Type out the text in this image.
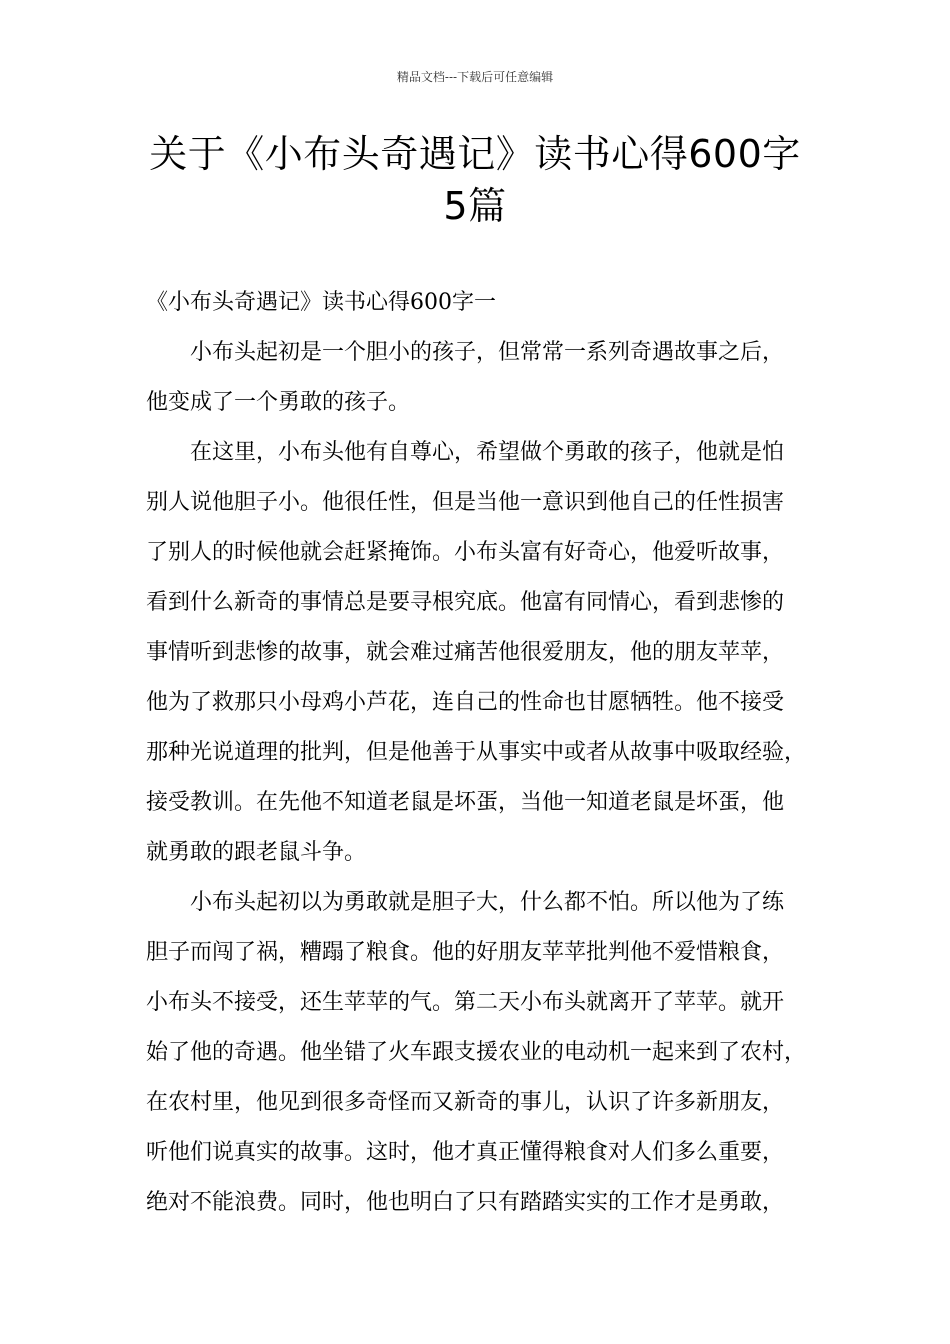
精品文档---下载后可任意编辑
关于《小布头奇遇记》读书心得600字
5篇
《小布头奇遇记》读书心得600字一
小布头起初是一个胆小的孩子，但常常一系列奇遇故事之后，
他变成了一个勇敢的孩子。
在这里，小布头他有自尊心，希望做个勇敢的孩子，他就是怕
别人说他胆子小。他很任性，但是当他一意识到他自己的任性损害
了别人的时候他就会赶紧掩饰。小布头富有好奇心，他爱听故事，
看到什么新奇的事情总是要寻根究底。他富有同情心，看到悲惨的
事情听到悲惨的故事，就会难过痛苦他很爱朋友，他的朋友苹苹，
他为了救那只小母鸡小芦花，连自己的性命也甘愿牺牲。他不接受
那种光说道理的批判，但是他善于从事实中或者从故事中吸取经验，
接受教训。在先他不知道老鼠是坏蛋，当他一知道老鼠是坏蛋，他
就勇敢的跟老鼠斗争。
小布头起初以为勇敢就是胆子大，什么都不怕。所以他为了练
胆子而闯了祸，糟蹋了粮食。他的好朋友苹苹批判他不爱惜粮食，
小布头不接受，还生苹苹的气。第二天小布头就离开了苹苹。就开
始了他的奇遇。他坐错了火车跟支援农业的电动机一起来到了农村，
在农村里，他见到很多奇怪而又新奇的事儿，认识了许多新朋友，
听他们说真实的故事。这时，他才真正懂得粮食对人们多么重要，
绝对不能浪费。同时，他也明白了只有踏踏实实的工作才是勇敢，
